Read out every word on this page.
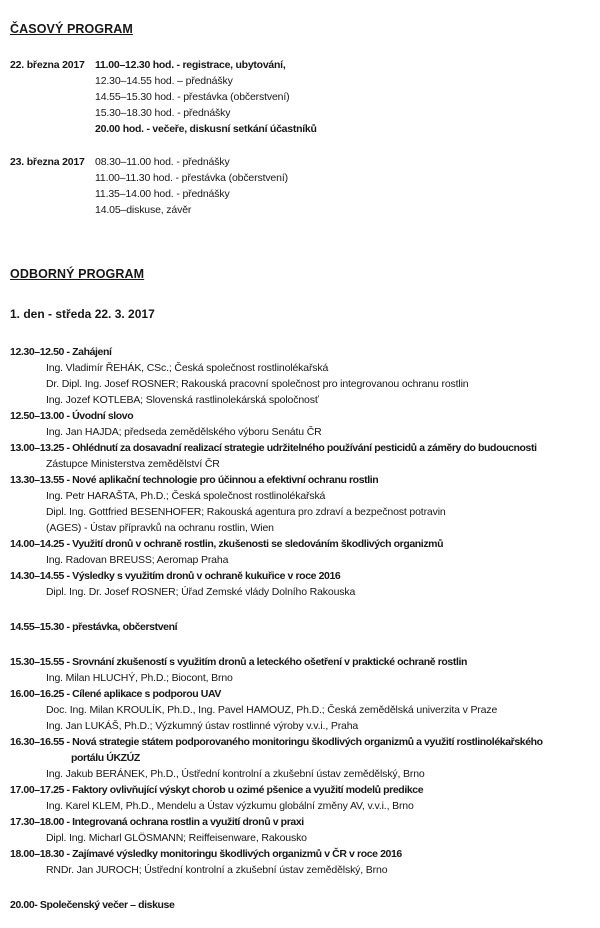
ČASOVÝ PROGRAM
22. března 2017 11.00–12.30 hod. - registrace, ubytování,
12.30–14.55 hod. – přednášky
14.55–15.30 hod. - přestávka (občerstvení)
15.30–18.30 hod. - přednášky
20.00 hod. - večeře, diskusní setkání účastníků
23. března 2017 08.30–11.00 hod. - přednášky
11.00–11.30 hod. - přestávka (občerstvení)
11.35–14.00 hod. - přednášky
14.05–diskuse, závěr
ODBORNÝ PROGRAM
1. den - středa 22. 3. 2017
12.30–12.50 - Zahájení
Ing. Vladimír ŘEHÁK, CSc.; Česká společnost rostlinolékařská
Dr. Dipl. Ing. Josef ROSNER; Rakouská pracovní společnost pro integrovanou ochranu rostlin
Ing. Jozef KOTLEBA; Slovenská rastlinolekárská spoločnosť
12.50–13.00 - Úvodní slovo
Ing. Jan HAJDA; předseda zemědělského výboru Senátu ČR
13.00–13.25 - Ohlédnutí za dosavadní realizací strategie udržitelného používání pesticidů a záměry do budoucnosti
Zástupce Ministerstva zemědělství ČR
13.30–13.55 - Nové aplikační technologie pro účinnou a efektivní ochranu rostlin
Ing. Petr HARAŠTA, Ph.D.; Česká společnost rostlinolékařská
Dipl. Ing. Gottfried BESENHOFER; Rakouská agentura pro zdraví a bezpečnost potravin
(AGES) - Ústav přípravků na ochranu rostlin, Wien
14.00–14.25 - Využití dronů v ochraně rostlin, zkušenosti se sledováním škodlivých organizmů
Ing. Radovan BREUSS; Aeromap Praha
14.30–14.55 - Výsledky s využitím dronů v ochraně kukuřice v roce 2016
Dipl. Ing. Dr. Josef ROSNER; Úřad Zemské vlády Dolního Rakouska
14.55–15.30 - přestávka, občerstvení
15.30–15.55 - Srovnání zkušeností s využitím dronů a leteckého ošetření v praktické ochraně rostlin
Ing. Milan HLUCHÝ, Ph.D.; Biocont, Brno
16.00–16.25 - Cílené aplikace s podporou UAV
Doc. Ing. Milan KROULÍK, Ph.D., Ing. Pavel HAMOUZ, Ph.D.; Česká zemědělská univerzita v Praze
Ing. Jan LUKÁŠ, Ph.D.; Výzkumný ústav rostlinné výroby v.v.i., Praha
16.30–16.55 - Nová strategie státem podporovaného monitoringu škodlivých organizmů a využití rostlinolékařského
portálu ÚKZÚZ
Ing. Jakub BERÁNEK, Ph.D., Ústřední kontrolní a zkušební ústav zemědělský, Brno
17.00–17.25 - Faktory ovlivňující výskyt chorob u ozimé pšenice a využití modelů predikce
Ing. Karel KLEM, Ph.D., Mendelu a Ústav výzkumu globální změny AV, v.v.i., Brno
17.30–18.00 - Integrovaná ochrana rostlin a využití dronů v praxi
Dipl. Ing. Micharl GLÖSMANN; Reiffeisenware, Rakousko
18.00–18.30 - Zajímavé výsledky monitoringu škodlivých organizmů v ČR v roce 2016
RNDr. Jan JUROCH; Ústřední kontrolní a zkušební ústav zemědělský, Brno
20.00- Společenský večer – diskuse
